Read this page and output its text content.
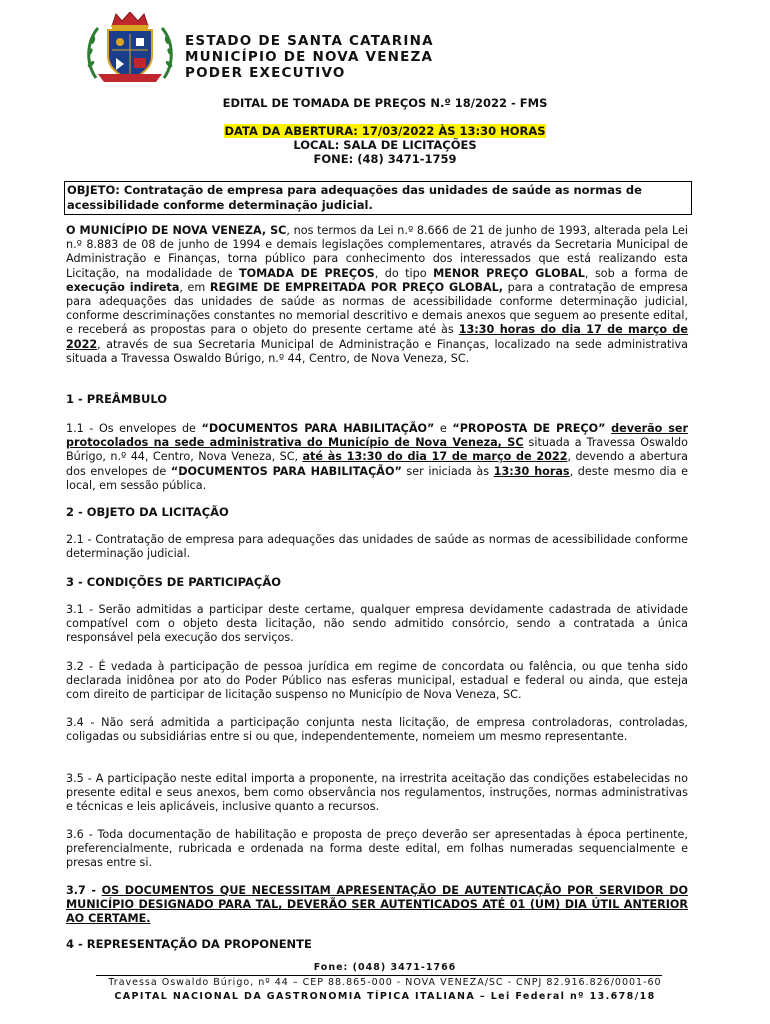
ESTADO DE SANTA CATARINA
MUNICÍPIO DE NOVA VENEZA
PODER EXECUTIVO
EDITAL DE TOMADA DE PREÇOS N.º 18/2022 - FMS
DATA DA ABERTURA: 17/03/2022 ÀS 13:30 HORAS
LOCAL: SALA DE LICITAÇÕES
FONE: (48) 3471-1759
OBJETO: Contratação de empresa para adequações das unidades de saúde as normas de
acessibilidade conforme determinação judicial.
O MUNICÍPIO DE NOVA VENEZA, SC, nos termos da Lei n.º 8.666 de 21 de junho de 1993, alterada pela Lei n.º 8.883 de 08 de junho de 1994 e demais legislações complementares, através da Secretaria Municipal de Administração e Finanças, torna público para conhecimento dos interessados que está realizando esta Licitação, na modalidade de TOMADA DE PREÇOS, do tipo MENOR PREÇO GLOBAL, sob a forma de execução indireta, em REGIME DE EMPREITADA POR PREÇO GLOBAL, para a contratação de empresa para adequações das unidades de saúde as normas de acessibilidade conforme determinação judicial, conforme descriminações constantes no memorial descritivo e demais anexos que seguem ao presente edital, e receberá as propostas para o objeto do presente certame até às 13:30 horas do dia 17 de março de 2022, através de sua Secretaria Municipal de Administração e Finanças, localizado na sede administrativa situada a Travessa Oswaldo Búrigo, n.º 44, Centro, de Nova Veneza, SC.
1 - PREÂMBULO
1.1 - Os envelopes de “DOCUMENTOS PARA HABILITAÇÃO” e “PROPOSTA DE PREÇO” deverão ser protocolados na sede administrativa do Município de Nova Veneza, SC situada a Travessa Oswaldo Búrigo, n.º 44, Centro, Nova Veneza, SC, até às 13:30 do dia 17 de março de 2022, devendo a abertura dos envelopes de “DOCUMENTOS PARA HABILITAÇÃO” ser iniciada às 13:30 horas, deste mesmo dia e local, em sessão pública.
2 - OBJETO DA LICITAÇÃO
2.1 - Contratação de empresa para adequações das unidades de saúde as normas de acessibilidade conforme determinação judicial.
3 - CONDIÇÕES DE PARTICIPAÇÃO
3.1 - Serão admitidas a participar deste certame, qualquer empresa devidamente cadastrada de atividade compatível com o objeto desta licitação, não sendo admitido consórcio, sendo a contratada a única responsável pela execução dos serviços.
3.2 - É vedada à participação de pessoa jurídica em regime de concordata ou falência, ou que tenha sido declarada inidônea por ato do Poder Público nas esferas municipal, estadual e federal ou ainda, que esteja com direito de participar de licitação suspenso no Município de Nova Veneza, SC.
3.4 - Não será admitida a participação conjunta nesta licitação, de empresa controladoras, controladas, coligadas ou subsidiárias entre si ou que, independentemente, nomeiem um mesmo representante.
3.5 - A participação neste edital importa a proponente, na irrestrita aceitação das condições estabelecidas no presente edital e seus anexos, bem como observância nos regulamentos, instruções, normas administrativas e técnicas e leis aplicáveis, inclusive quanto a recursos.
3.6 - Toda documentação de habilitação e proposta de preço deverão ser apresentadas à época pertinente, preferencialmente, rubricada e ordenada na forma deste edital, em folhas numeradas sequencialmente e presas entre si.
3.7 - OS DOCUMENTOS QUE NECESSITAM APRESENTAÇÃO DE AUTENTICAÇÃO POR SERVIDOR DO MUNICÍPIO DESIGNADO PARA TAL, DEVERÃO SER AUTENTICADOS ATÉ 01 (UM) DIA ÚTIL ANTERIOR AO CERTAME.
4 - REPRESENTAÇÃO DA PROPONENTE
Fone: (048) 3471-1766
Travessa Oswaldo Búrigo, nº 44 – CEP 88.865-000 - NOVA VENEZA/SC - CNPJ 82.916.826/0001-60
CAPITAL NACIONAL DA GASTRONOMIA TÍPICA ITALIANA – Lei Federal nº 13.678/18
